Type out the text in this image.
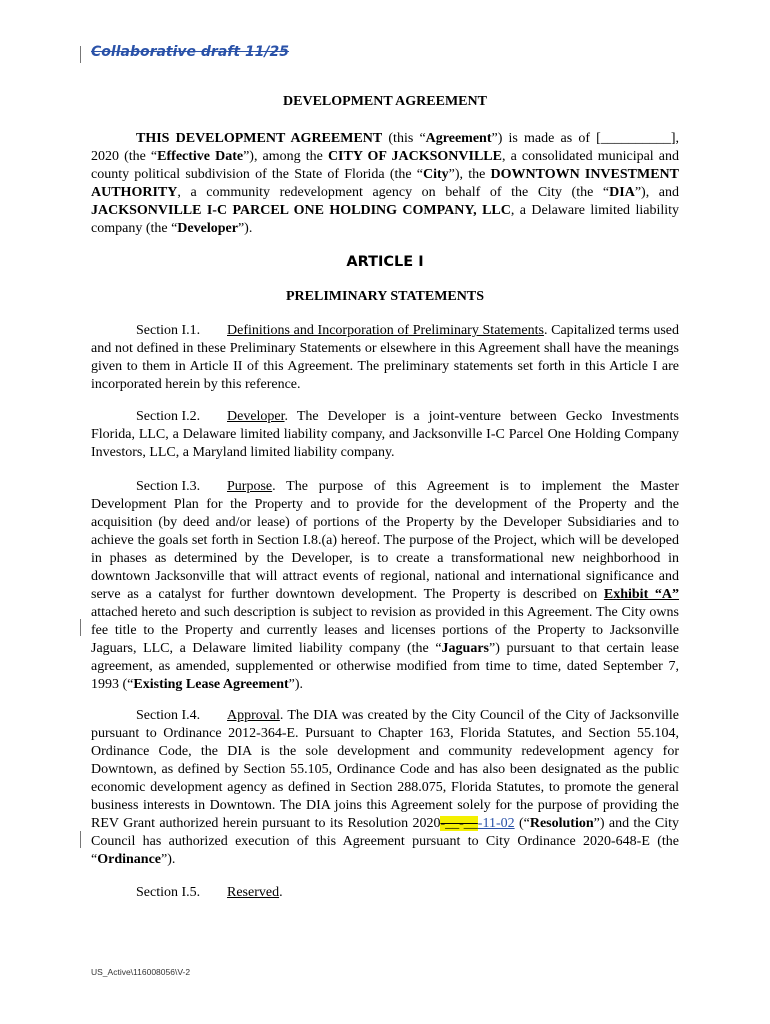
Collaborative draft 11/25
DEVELOPMENT AGREEMENT
THIS DEVELOPMENT AGREEMENT (this “Agreement”) is made as of [__________], 2020 (the “Effective Date”), among the CITY OF JACKSONVILLE, a consolidated municipal and county political subdivision of the State of Florida (the “City”), the DOWNTOWN INVESTMENT AUTHORITY, a community redevelopment agency on behalf of the City (the “DIA”), and JACKSONVILLE I-C PARCEL ONE HOLDING COMPANY, LLC, a Delaware limited liability company (the “Developer”).
ARTICLE I
PRELIMINARY STATEMENTS
Section I.1. Definitions and Incorporation of Preliminary Statements. Capitalized terms used and not defined in these Preliminary Statements or elsewhere in this Agreement shall have the meanings given to them in Article II of this Agreement. The preliminary statements set forth in this Article I are incorporated herein by this reference.
Section I.2. Developer. The Developer is a joint-venture between Gecko Investments Florida, LLC, a Delaware limited liability company, and Jacksonville I-C Parcel One Holding Company Investors, LLC, a Maryland limited liability company.
Section I.3. Purpose. The purpose of this Agreement is to implement the Master Development Plan for the Property and to provide for the development of the Property and the acquisition (by deed and/or lease) of portions of the Property by the Developer Subsidiaries and to achieve the goals set forth in Section I.8.(a) hereof. The purpose of the Project, which will be developed in phases as determined by the Developer, is to create a transformational new neighborhood in downtown Jacksonville that will attract events of regional, national and international significance and serve as a catalyst for further downtown development. The Property is described on Exhibit “A” attached hereto and such description is subject to revision as provided in this Agreement. The City owns fee title to the Property and currently leases and licenses portions of the Property to Jacksonville Jaguars, LLC, a Delaware limited liability company (the “Jaguars”) pursuant to that certain lease agreement, as amended, supplemented or otherwise modified from time to time, dated September 7, 1993 (“Existing Lease Agreement”).
Section I.4. Approval. The DIA was created by the City Council of the City of Jacksonville pursuant to Ordinance 2012-364-E. Pursuant to Chapter 163, Florida Statutes, and Section 55.104, Ordinance Code, the DIA is the sole development and community redevelopment agency for Downtown, as defined by Section 55.105, Ordinance Code and has also been designated as the public economic development agency as defined in Section 288.075, Florida Statutes, to promote the general business interests in Downtown. The DIA joins this Agreement solely for the purpose of providing the REV Grant authorized herein pursuant to its Resolution 2020-__-__-11-02 (“Resolution”) and the City Council has authorized execution of this Agreement pursuant to City Ordinance 2020-648-E (the “Ordinance”).
Section I.5. Reserved.
US_Active\116008056\V-2
